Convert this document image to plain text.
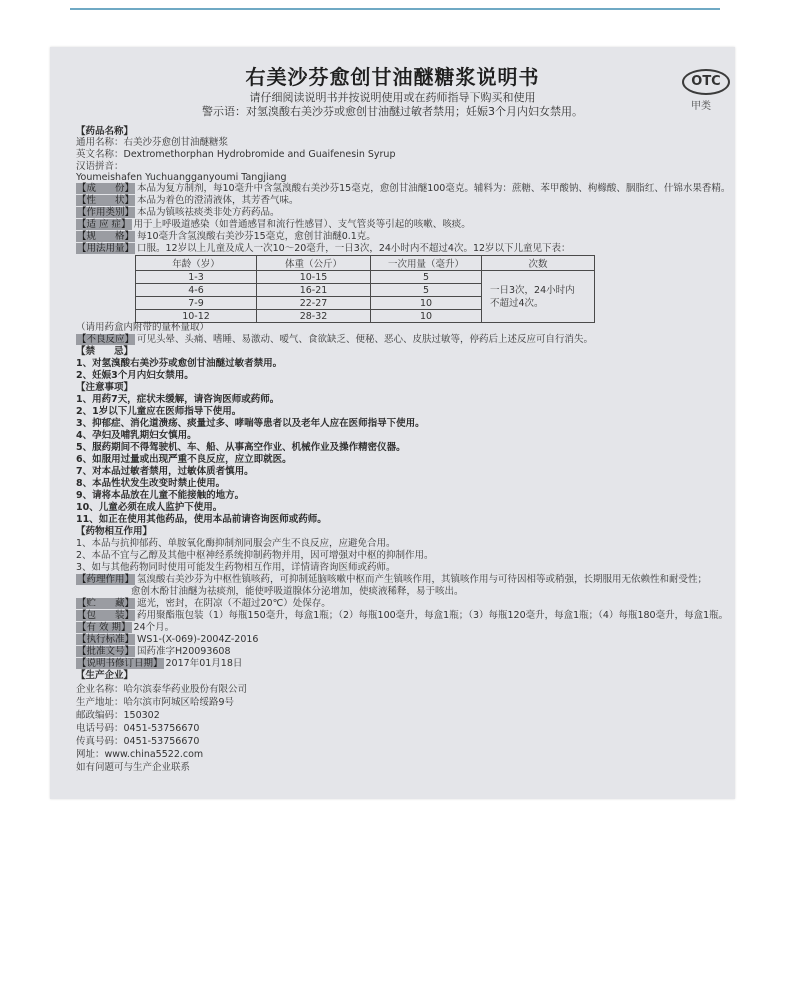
右美沙芬愈创甘油醚糖浆说明书	OTC
甲类
请仔细阅读说明书并按说明使用或在药师指导下购买和使用
警示语：对氢溴酸右美沙芬或愈创甘油醚过敏者禁用；妊娠3个月内妇女禁用。
【药品名称】
通用名称：右美沙芬愈创甘油醚糖浆
英文名称：Dextromethorphan Hydrobromide and Guaifenesin Syrup
汉语拼音：
Youmeishafen Yuchuangganyoumi Tangjiang
【成　　份】 本品为复方制剂，每10毫升中含氢溴酸右美沙芬15毫克，愈创甘油醚100毫克。辅料为：蔗糖、苯甲酸钠、枸橼酸、胭脂红、什锦水果香精。
【性　　状】 本品为着色的澄清液体，其芳香气味。
【作用类别】 本品为镇咳祛痰类非处方药药品。
【适 应 症】 用于上呼吸道感染（如普通感冒和流行性感冒）、支气管炎等引起的咳嗽、咳痰。
【规　　格】 每10毫升含氢溴酸右美沙芬15毫克，愈创甘油醚0.1克。
【用法用量】 口服。12岁以上儿童及成人一次10～20毫升，一日3次，24小时内不超过4次。12岁以下儿童见下表：
年龄（岁）	体重（公斤）	一次用量（毫升）	次数
1-3	10-15	5	一日3次，24小时内
不超过4次。
4-6	16-21	5	
7-9	22-27	10	
10-12	28-32	10	
（请用药盒内附带的量杯量取）
【不良反应】 可见头晕、头痛、嗜睡、易激动、嗳气、食欲缺乏、便秘、恶心、皮肤过敏等，停药后上述反应可自行消失。
【禁　　忌】
1、对氢溴酸右美沙芬或愈创甘油醚过敏者禁用。
2、妊娠3个月内妇女禁用。
【注意事项】
1、用药7天，症状未缓解，请咨询医师或药师。
2、1岁以下儿童应在医师指导下使用。
3、抑郁症、消化道溃疡、痰量过多、哮喘等患者以及老年人应在医师指导下使用。
4、孕妇及哺乳期妇女慎用。
5、服药期间不得驾驶机、车、船、从事高空作业、机械作业及操作精密仪器。
6、如服用过量或出现严重不良反应，应立即就医。
7、对本品过敏者禁用，过敏体质者慎用。
8、本品性状发生改变时禁止使用。
9、请将本品放在儿童不能接触的地方。
10、儿童必须在成人监护下使用。
11、如正在使用其他药品，使用本品前请咨询医师或药师。
【药物相互作用】
1、本品与抗抑郁药、单胺氧化酶抑制剂同服会产生不良反应，应避免合用。
2、本品不宜与乙醇及其他中枢神经系统抑制药物并用，因可增强对中枢的抑制作用。
3、如与其他药物同时使用可能发生药物相互作用，详情请咨询医师或药师。
【药理作用】 氢溴酸右美沙芬为中枢性镇咳药，可抑制延脑咳嗽中枢而产生镇咳作用，其镇咳作用与可待因相等或稍强，长期服用无依赖性和耐受性；
愈创木酚甘油醚为祛痰剂，能使呼吸道腺体分泌增加，使痰液稀释，易于咳出。
【贮　　藏】 遮光，密封，在阴凉（不超过20℃）处保存。
【包　　装】 药用聚酯瓶包装（1）每瓶150毫升，每盒1瓶；（2）每瓶100毫升，每盒1瓶；（3）每瓶120毫升，每盒1瓶；（4）每瓶180毫升，每盒1瓶。
【有 效 期】 24个月。
【执行标准】 WS1-(X-069)-2004Z-2016
【批准文号】 国药准字H20093608
【说明书修订日期】 2017年01月18日
【生产企业】
企业名称：哈尔滨泰华药业股份有限公司
生产地址：哈尔滨市阿城区哈绥路9号
邮政编码：150302
电话号码：0451-53756670
传真号码：0451-53756670
网址：www.china5522.com
如有问题可与生产企业联系
